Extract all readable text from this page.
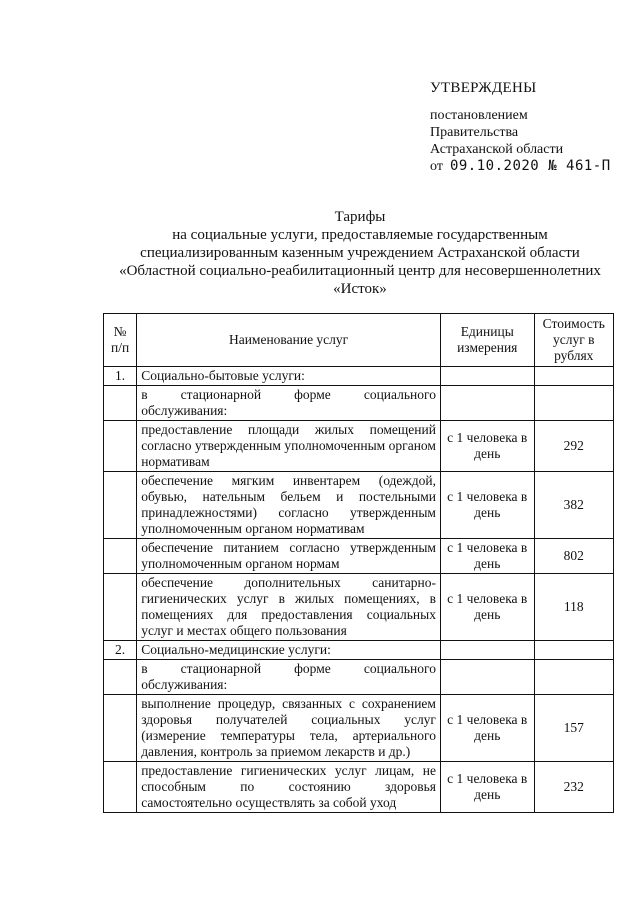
УТВЕРЖДЕНЫ
постановлением
Правительства
Астраханской области
от 09.10.2020 № 461-П
Тарифы
на социальные услуги, предоставляемые государственным
специализированным казенным учреждением Астраханской области
«Областной социально-реабилитационный центр для несовершеннолетних
«Исток»
№ п/п	Наименование услуг	Единицы измерения	Стоимость услуг в рублях
1.	Социально-бытовые услуги:		
	в стационарной форме социального обслуживания:		
	предоставление площади жилых помещений согласно утвержденным уполномоченным органом нормативам	с 1 человека в день	292
	обеспечение мягким инвентарем (одеждой, обувью, нательным бельем и постельными принадлежностями) согласно утвержденным уполномоченным органом нормативам	с 1 человека в день	382
	обеспечение питанием согласно утвержденным уполномоченным органом нормам	с 1 человека в день	802
	обеспечение дополнительных санитарно-гигиенических услуг в жилых помещениях, в помещениях для предоставления социальных услуг и местах общего пользования	с 1 человека в день	118
2.	Социально-медицинские услуги:		
	в стационарной форме социального обслуживания:		
	выполнение процедур, связанных с сохранением здоровья получателей социальных услуг (измерение температуры тела, артериального давления, контроль за приемом лекарств и др.)	с 1 человека в день	157
	предоставление гигиенических услуг лицам, не способным по состоянию здоровья самостоятельно осуществлять за собой уход	с 1 человека в день	232
